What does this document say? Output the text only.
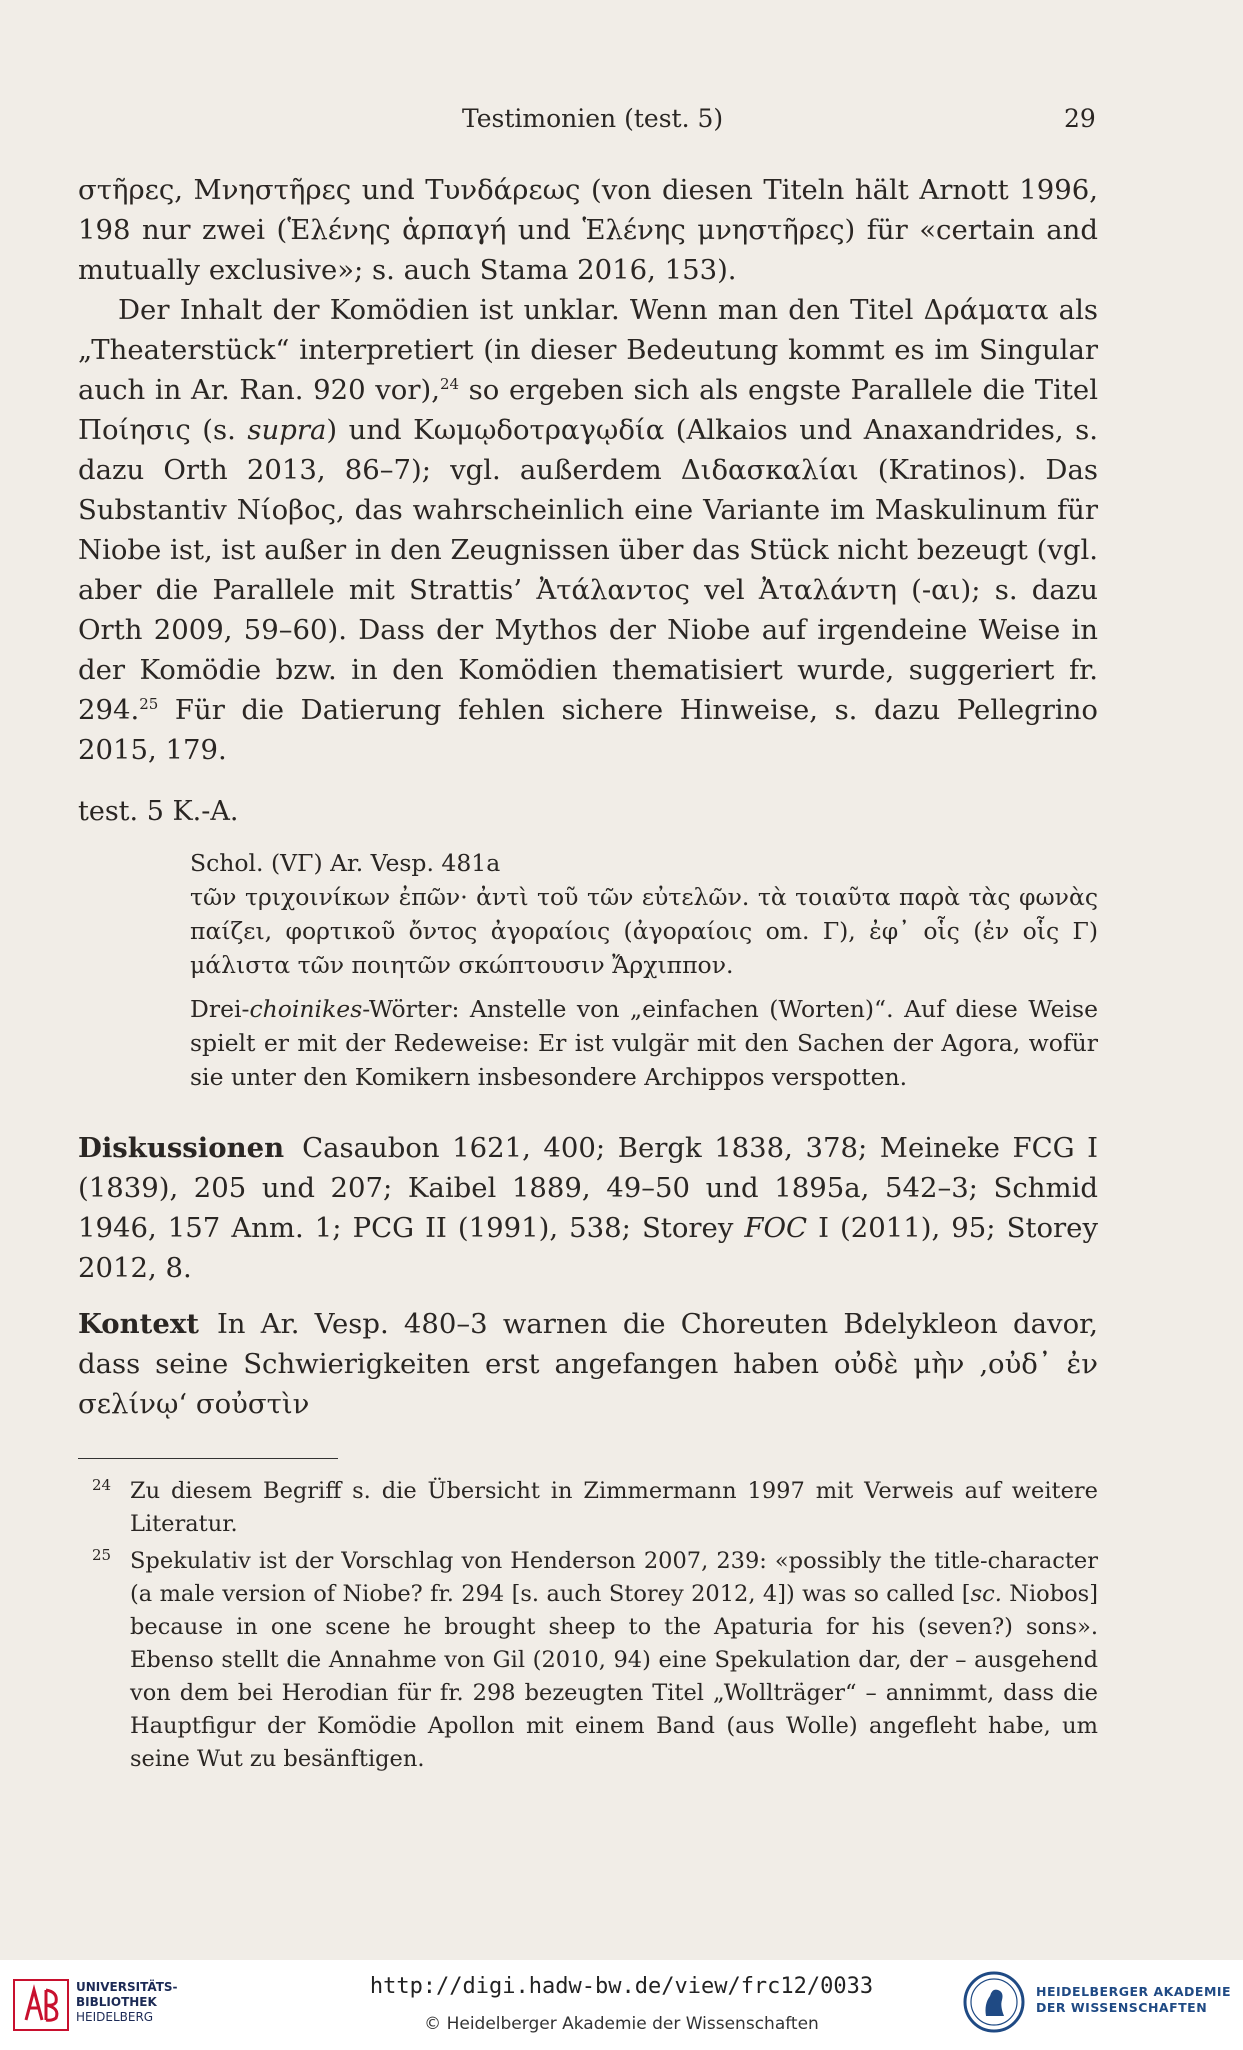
Testimonien (test. 5)	29

στῆρες, Μνηστῆρες und Τυνδάρεως (von diesen Titeln hält Arnott 1996, 198 nur zwei (Ἑλένης ἁρπαγή und Ἑλένης μνηστῆρες) für «certain and mutually exclusive»; s. auch Stama 2016, 153).

Der Inhalt der Komödien ist unklar. Wenn man den Titel Δράματα als „Theaterstück“ interpretiert (in dieser Bedeutung kommt es im Singular auch in Ar. Ran. 920 vor),$^{24}$ so ergeben sich als engste Parallele die Titel Ποίησις (s. supra) und Κωμῳδοτραγῳδία (Alkaios und Anaxandrides, s. dazu Orth 2013, 86–7); vgl. außerdem Διδασκαλίαι (Kratinos). Das Substantiv Νίοβος, das wahrscheinlich eine Variante im Maskulinum für Niobe ist, ist außer in den Zeugnissen über das Stück nicht bezeugt (vgl. aber die Parallele mit Strattis’ Ἀτάλαντος vel Ἀταλάντη (-αι); s. dazu Orth 2009, 59–60). Dass der Mythos der Niobe auf irgendeine Weise in der Komödie bzw. in den Komödien thematisiert wurde, suggeriert fr. 294.25 Für die Datierung fehlen sichere Hinweise, s. dazu Pellegrino 2015, 179.

test. 5 K.-A.

Schol. (VΓ) Ar. Vesp. 481a

τῶν τριχοινίκων ἐπῶν· ἀντὶ τοῦ τῶν εὐτελῶν. τὰ τοιαῦτα παρὰ τὰς φωνὰς παίζει, φορτικοῦ ὄντος ἀγοραίοις (ἀγοραίοις om. Γ), ἐφ᾽ οἷς (ἐν οἷς Γ) μάλιστα τῶν ποιητῶν σκώπτουσιν Ἄρχιππον.

Drei-choinikes-Wörter: Anstelle von „einfachen (Worten)“. Auf diese Weise spielt er mit der Redeweise: Er ist vulgär mit den Sachen der Agora, wofür sie unter den Komikern insbesondere Archippos verspotten.

Diskussionen Casaubon 1621, 400; Bergk 1838, 378; Meineke FCG I (1839), 205 und 207; Kaibel 1889, 49–50 und 1895a, 542–3; Schmid 1946, 157 Anm. 1; PCG II (1991), 538; Storey FOC I (2011), 95; Storey 2012, 8.

Kontext In Ar. Vesp. 480–3 warnen die Choreuten Bdelykleon davor, dass seine Schwierigkeiten erst angefangen haben οὐδὲ μὴν ‚οὐδ᾽ ἐν σελίνῳ‘ σοὐστὶν

24 Zu diesem Begriff s. die Übersicht in Zimmermann 1997 mit Verweis auf weitere Literatur.
25 Spekulativ ist der Vorschlag von Henderson 2007, 239: «possibly the title-character (a male version of Niobe? fr. 294 [s. auch Storey 2012, 4]) was so called [sc. Niobos] because in one scene he brought sheep to the Apaturia for his (seven?) sons». Ebenso stellt die Annahme von Gil (2010, 94) eine Spekulation dar, der – ausgehend von dem bei Herodian für fr. 298 bezeugten Titel „Wollträger“ – annimmt, dass die Hauptfigur der Komödie Apollon mit einem Band (aus Wolle) angefleht habe, um seine Wut zu besänftigen.
UNIVERSITÄTS-
BIBLIOTHEK
HEIDELBERG
http://digi.hadw-bw.de/view/frc12/0033
© Heidelberger Akademie der Wissenschaften
HEIDELBERGER AKADEMIE
DER WISSENSCHAFTEN
